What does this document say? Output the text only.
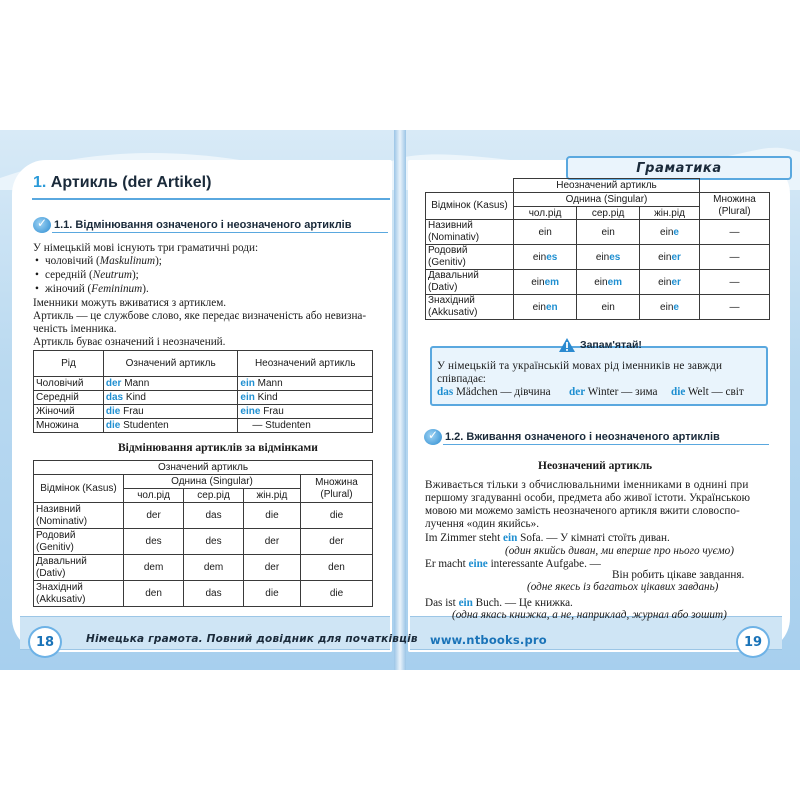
Граматика
1. Артикль (der Artikel)
✓
1.1. Відмінювання означеного і неозначеного артиклів
У німецькій мові існують три граматичні роди:
• чоловічий (Maskulinum);
• середній (Neutrum);
• жіночий (Femininum).
Іменники можуть вживатися з артиклем.
Артикль — це службове слово, яке передає визначеність або невизна-
ченість іменника.
Артикль буває означений і неозначений.
Рід	Означений артикль	Неозначений артикль
Чоловічий	der Mann	ein Mann
Середній	das Kind	ein Kind
Жіночий	die Frau	eine Frau
Множина	die Studenten	— Studenten
Відмінювання артиклів за відмінками
Означений артикль				
Відмінок (Kasus)	Однина (Singular)			Множина (Plural)
	чол.рід	сер.рід	жін.рід	
Називний
(Nominativ)	der	das	die	die
Родовий
(Genitiv)	des	des	der	der
Давальний
(Dativ)	dem	dem	der	den
Знахідний
(Akkusativ)	den	das	die	die
18	Німецька грамота. Повний довідник для початківців
	Неозначений артикль			
Відмінок (Kasus)	Однина (Singular)			Множина (Plural)
	чол.рід	сер.рід	жін.рід	
Називний
(Nominativ)	ein	ein	eine	—
Родовий
(Genitiv)	eines	eines	einer	—
Давальний
(Dativ)	einem	einem	einer	—
Знахідний
(Akkusativ)	einen	ein	eine	—
Запам'ятай!
У німецькій та українській мовах рід іменників не завжди
співпадає:
das Mädchen — дівчина der Winter — зима die Welt — світ
✓
1.2. Вживання означеного і неозначеного артиклів
Неозначений артикль
Вживається тільки з обчислювальними іменниками в однині при
першому згадуванні особи, предмета або живої істоти. Українською
мовою ми можемо замість неозначеного артикля вжити словоспо-
лучення «один якийсь».
Im Zimmer steht ein Sofa. — У кімнаті стоїть диван.
(один якийсь диван, ми вперше про нього чуємо)
Er macht eine interessante Aufgabe. —
Він робить цікаве завдання.
(одне якесь із багатьох цікавих завдань)
Das ist ein Buch. — Це книжка.
(одна якась книжка, а не, наприклад, журнал або зошит)
www.ntbooks.pro	19
